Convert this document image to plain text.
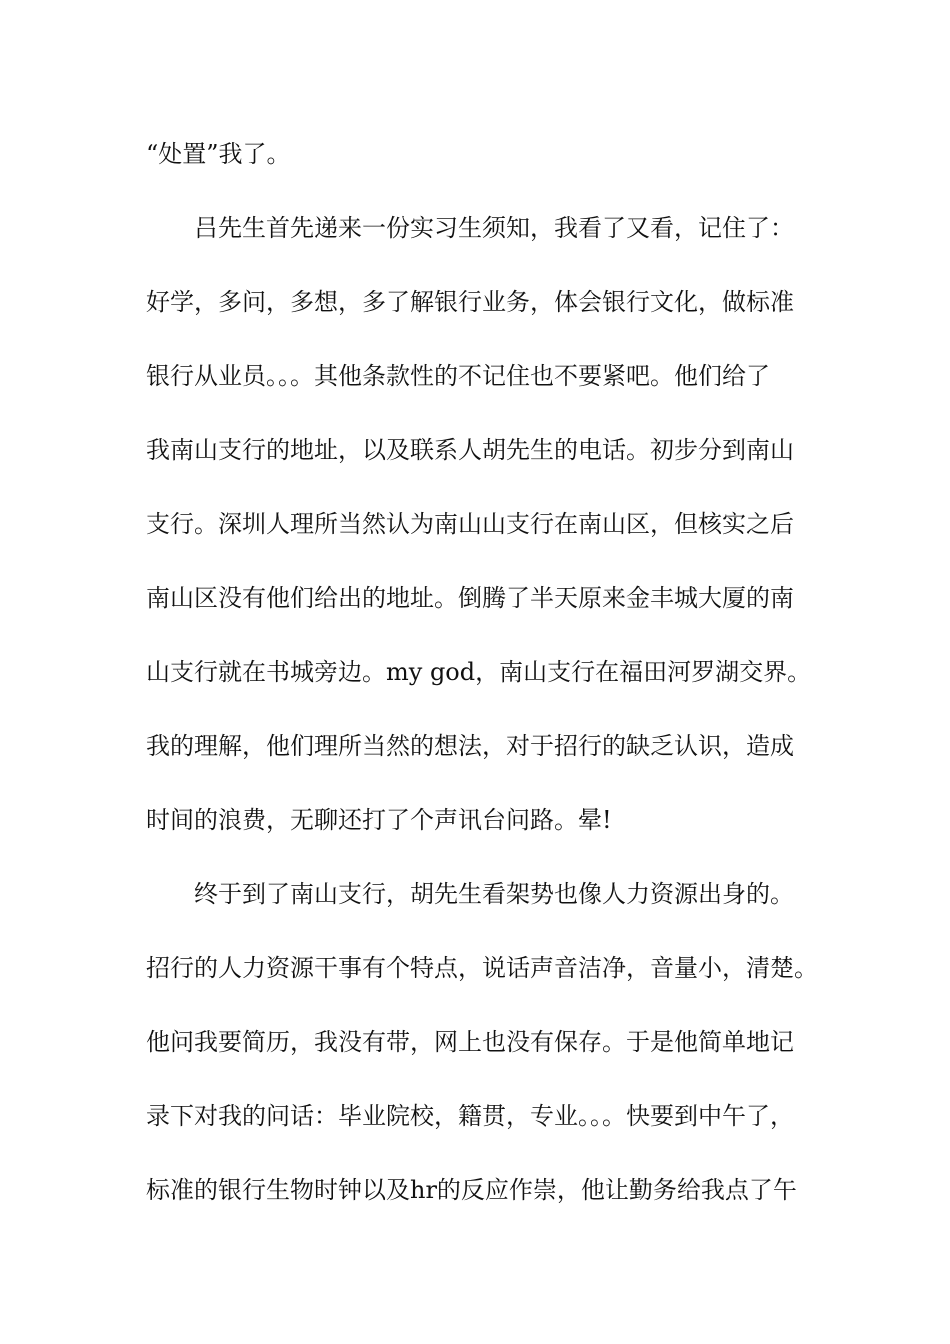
“处置”我了。

吕先生首先递来一份实习生须知，我看了又看，记住了：

好学，多问，多想，多了解银行业务，体会银行文化，做标准

银行从业员。。。其他条款性的不记住也不要紧吧。他们给了

我南山支行的地址，以及联系人胡先生的电话。初步分到南山

支行。深圳人理所当然认为南山山支行在南山区，但核实之后

南山区没有他们给出的地址。倒腾了半天原来金丰城大厦的南

山支行就在书城旁边。my god，南山支行在福田河罗湖交界。

我的理解，他们理所当然的想法，对于招行的缺乏认识，造成

时间的浪费，无聊还打了个声讯台问路。晕!

终于到了南山支行，胡先生看架势也像人力资源出身的。

招行的人力资源干事有个特点，说话声音洁净，音量小，清楚。

他问我要简历，我没有带，网上也没有保存。于是他简单地记

录下对我的问话：毕业院校，籍贯，专业。。。快要到中午了，

标准的银行生物时钟以及hr的反应作崇，他让勤务给我点了午
